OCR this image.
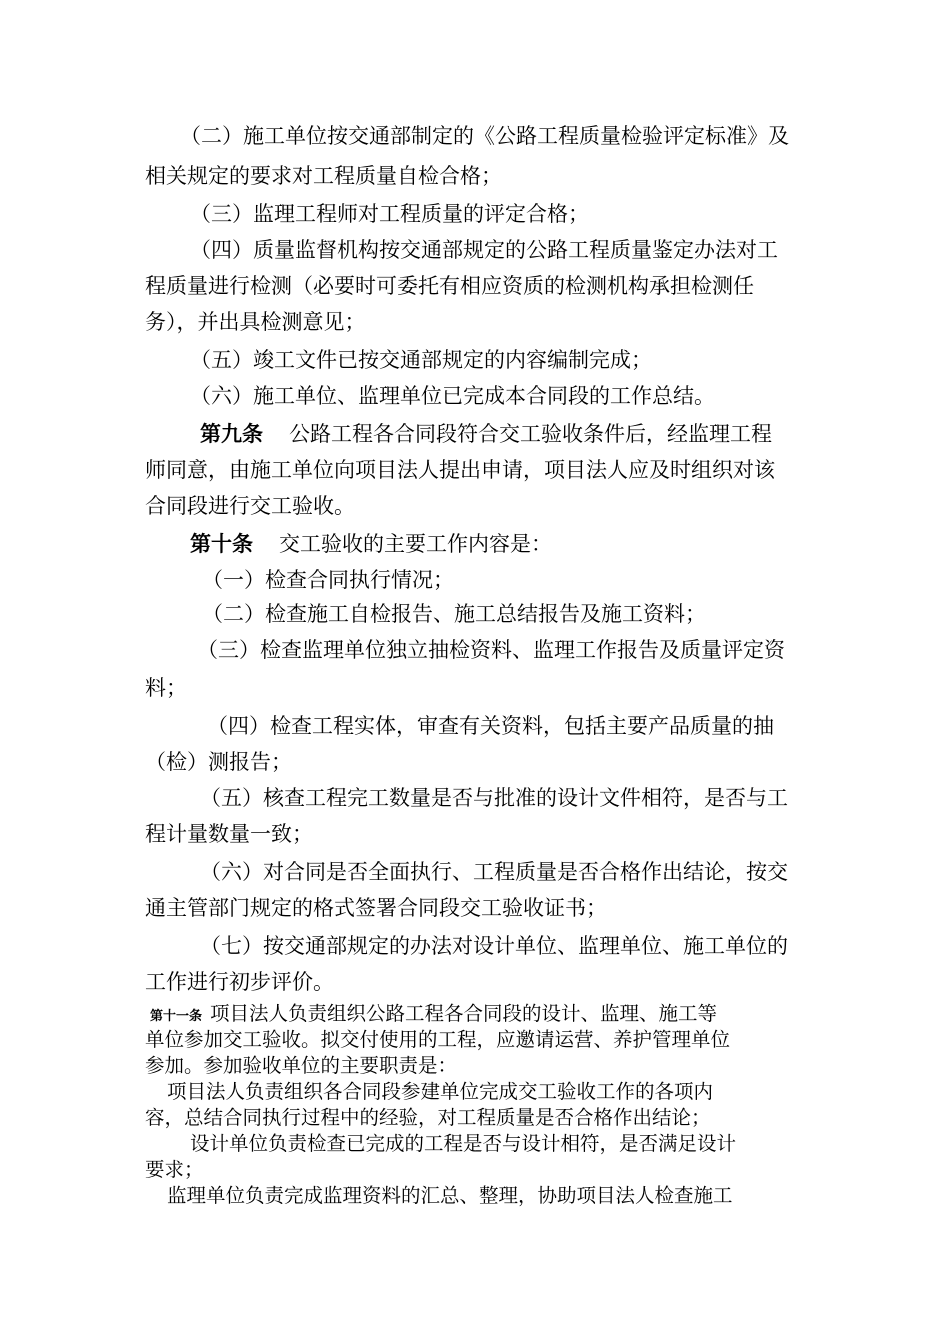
（二）施工单位按交通部制定的《公路工程质量检验评定标准》及
相关规定的要求对工程质量自检合格；
（三）监理工程师对工程质量的评定合格；
（四）质量监督机构按交通部规定的公路工程质量鉴定办法对工
程质量进行检测（必要时可委托有相应资质的检测机构承担检测任
务），并出具检测意见；
（五）竣工文件已按交通部规定的内容编制完成；
（六）施工单位、监理单位已完成本合同段的工作总结。
第九条 公路工程各合同段符合交工验收条件后，经监理工程
师同意，由施工单位向项目法人提出申请，项目法人应及时组织对该
合同段进行交工验收。
第十条 交工验收的主要工作内容是：
（一）检查合同执行情况；
（二）检查施工自检报告、施工总结报告及施工资料；
（三）检查监理单位独立抽检资料、监理工作报告及质量评定资
料；
（四）检查工程实体，审查有关资料，包括主要产品质量的抽
（检）测报告；
（五）核查工程完工数量是否与批准的设计文件相符，是否与工
程计量数量一致；
（六）对合同是否全面执行、工程质量是否合格作出结论，按交
通主管部门规定的格式签署合同段交工验收证书；
（七）按交通部规定的办法对设计单位、监理单位、施工单位的
工作进行初步评价。
第十一条 项目法人负责组织公路工程各合同段的设计、监理、施工等
单位参加交工验收。拟交付使用的工程，应邀请运营、养护管理单位
参加。参加验收单位的主要职责是：
项目法人负责组织各合同段参建单位完成交工验收工作的各项内
容，总结合同执行过程中的经验，对工程质量是否合格作出结论；
设计单位负责检查已完成的工程是否与设计相符，是否满足设计
要求；
监理单位负责完成监理资料的汇总、整理，协助项目法人检查施工
